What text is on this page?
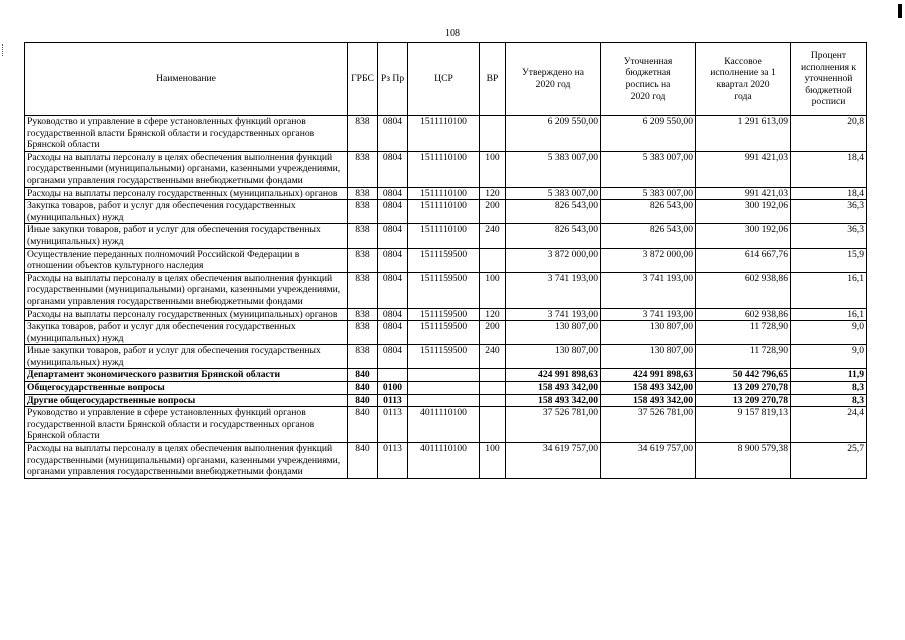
108
Наименование	ГРБС	Рз Пр	ЦСР	ВР	Утверждено на 2020 год	Уточненная бюджетная роспись на 2020 год	Кассовое исполнение за 1 квартал 2020 года	Процент исполнения к уточненной бюджетной росписи
Руководство и управление в сфере установленных функций органов государственной власти Брянской области и государственных органов Брянской области	838	0804	1511110100		6 209 550,00	6 209 550,00	1 291 613,09	20,8
Расходы на выплаты персоналу в целях обеспечения выполнения функций государственными (муниципальными) органами, казенными учреждениями, органами управления государственными внебюджетными фондами	838	0804	1511110100	100	5 383 007,00	5 383 007,00	991 421,03	18,4
Расходы на выплаты персоналу государственных (муниципальных) органов	838	0804	1511110100	120	5 383 007,00	5 383 007,00	991 421,03	18,4
Закупка товаров, работ и услуг для обеспечения государственных (муниципальных) нужд	838	0804	1511110100	200	826 543,00	826 543,00	300 192,06	36,3
Иные закупки товаров, работ и услуг для обеспечения государственных (муниципальных) нужд	838	0804	1511110100	240	826 543,00	826 543,00	300 192,06	36,3
Осуществление переданных полномочий Российской Федерации в отношении объектов культурного наследия	838	0804	1511159500		3 872 000,00	3 872 000,00	614 667,76	15,9
Расходы на выплаты персоналу в целях обеспечения выполнения функций государственными (муниципальными) органами, казенными учреждениями, органами управления государственными внебюджетными фондами	838	0804	1511159500	100	3 741 193,00	3 741 193,00	602 938,86	16,1
Расходы на выплаты персоналу государственных (муниципальных) органов	838	0804	1511159500	120	3 741 193,00	3 741 193,00	602 938,86	16,1
Закупка товаров, работ и услуг для обеспечения государственных (муниципальных) нужд	838	0804	1511159500	200	130 807,00	130 807,00	11 728,90	9,0
Иные закупки товаров, работ и услуг для обеспечения государственных (муниципальных) нужд	838	0804	1511159500	240	130 807,00	130 807,00	11 728,90	9,0
Департамент экономического развития Брянской области	840				424 991 898,63	424 991 898,63	50 442 796,65	11,9
Общегосударственные вопросы	840	0100			158 493 342,00	158 493 342,00	13 209 270,78	8,3
Другие общегосударственные вопросы	840	0113			158 493 342,00	158 493 342,00	13 209 270,78	8,3
Руководство и управление в сфере установленных функций органов государственной власти Брянской области и государственных органов Брянской области	840	0113	4011110100		37 526 781,00	37 526 781,00	9 157 819,13	24,4
Расходы на выплаты персоналу в целях обеспечения выполнения функций государственными (муниципальными) органами, казенными учреждениями, органами управления государственными внебюджетными фондами	840	0113	4011110100	100	34 619 757,00	34 619 757,00	8 900 579,38	25,7
